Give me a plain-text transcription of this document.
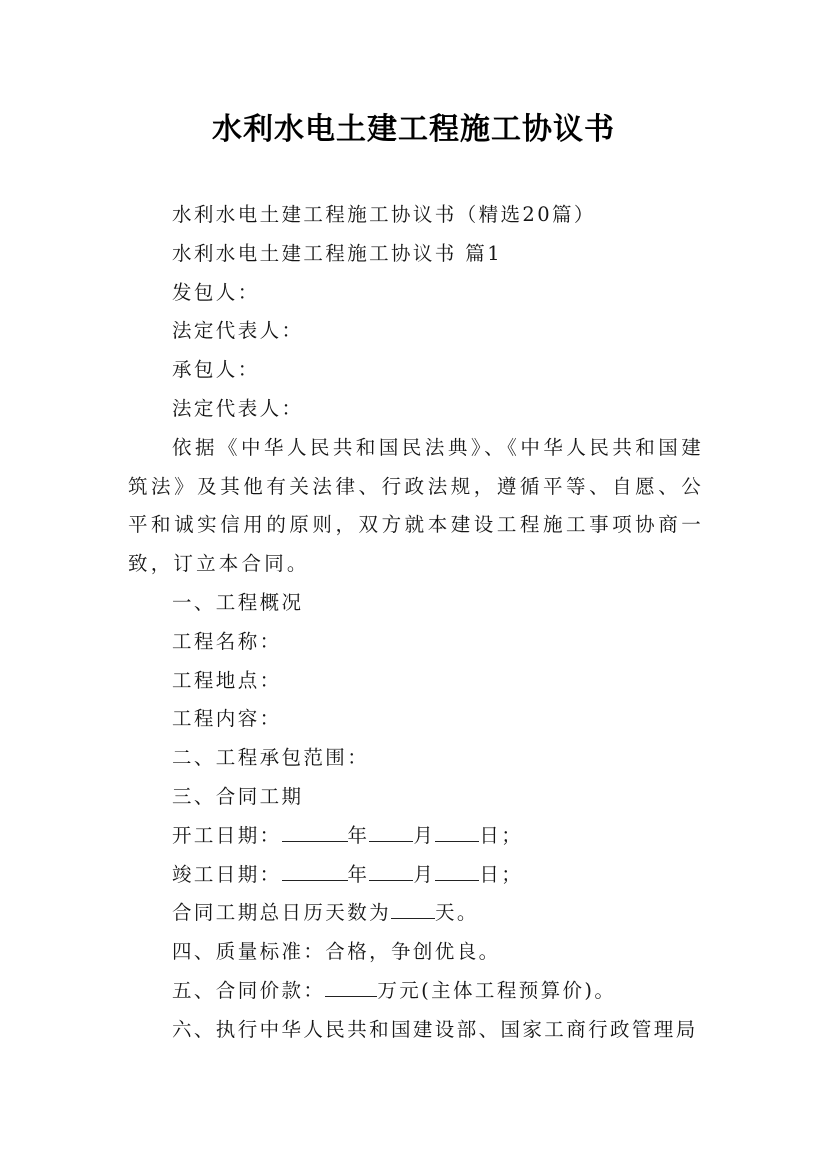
水利水电土建工程施工协议书

水利水电土建工程施工协议书（精选20篇）

水利水电土建工程施工协议书 篇1

发包人：

法定代表人：

承包人：

法定代表人：

依据《中华人民共和国民法典》、《中华人民共和国建筑法》及其他有关法律、行政法规，遵循平等、自愿、公平和诚实信用的原则，双方就本建设工程施工事项协商一致，订立本合同。

一、工程概况

工程名称：

工程地点：

工程内容：

二、工程承包范围：

三、合同工期

开工日期：	年 月 日；

竣工日期：	年 月 日；

合同工期总日历天数为 天。

四、质量标准：合格，争创优良。

五、合同价款：	万元(主体工程预算价)。

六、执行中华人民共和国建设部、国家工商行政管理局
